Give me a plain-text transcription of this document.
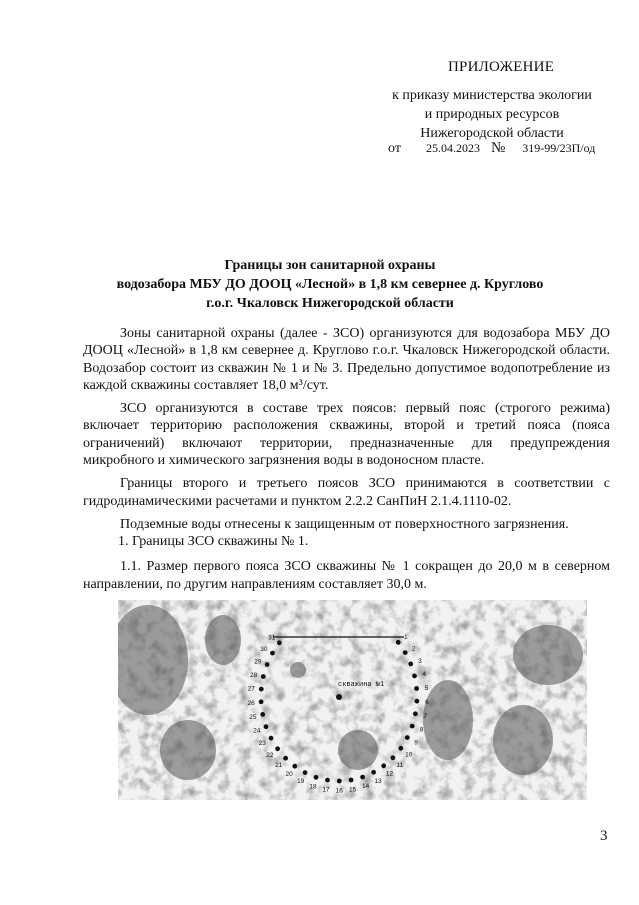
ПРИЛОЖЕНИЕ
к приказу министерства экологии
и природных ресурсов
Нижегородской области
от 25.04.2023 № 319-99/23П/од
Границы зон санитарной охраны
водозабора МБУ ДО ДООЦ «Лесной» в 1,8 км севернее д. Круглово
г.о.г. Чкаловск Нижегородской области

Зоны санитарной охраны (далее - ЗСО) организуются для водозабора МБУ ДО ДООЦ «Лесной» в 1,8 км севернее д. Круглово г.о.г. Чкаловск Нижегородской области. Водозабор состоит из скважин № 1 и № 3. Предельно допустимое водопотребление из каждой скважины составляет 18,0 м³/сут.

ЗСО организуются в составе трех поясов: первый пояс (строгого режима) включает территорию расположения скважины, второй и третий пояса (пояса ограничений) включают территории, предназначенные для предупреждения микробного и химического загрязнения воды в водоносном пласте.

Границы второго и третьего поясов ЗСО принимаются в соответствии с гидродинамическими расчетами и пунктом 2.2.2 СанПиН 2.1.4.1110-02.

Подземные воды отнесены к защищенным от поверхностного загрязнения.

1. Границы ЗСО скважины № 1.

1.1. Размер первого пояса ЗСО скважины № 1 сокращен до 20,0 м в северном направлении, по другим направлениям составляет 30,0 м.

1
2
3
4
5
6
7
8
9
10
11
12
13
14
15
16
17
18
19
20
21
22
23
24
25
26
27
28
29
30
31
скважина №1
3
